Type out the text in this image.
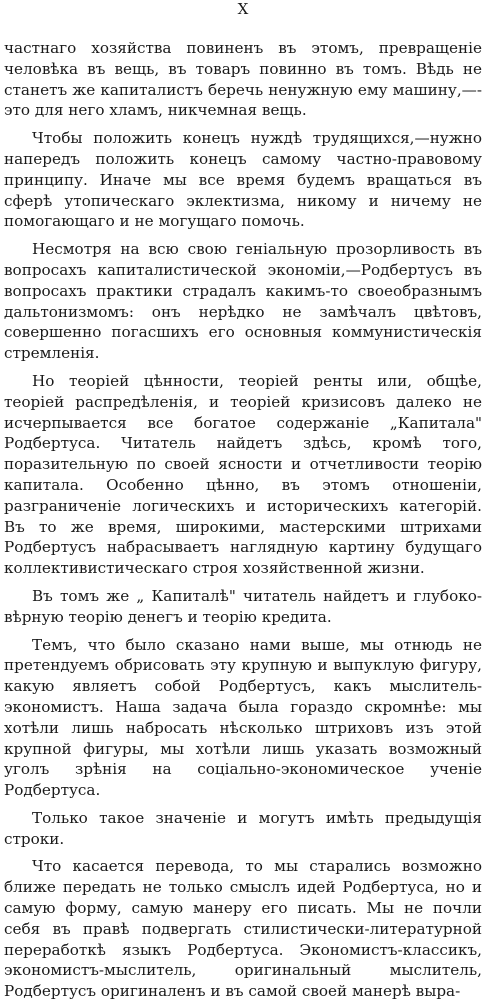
X

частнаго хозяйства повиненъ въ этомъ, превращеніе человѣка въ вещь, въ товаръ повинно въ томъ. Вѣдь не станетъ же капиталистъ беречь ненужную ему машину,—-это для него хламъ, никчемная вещь.

Чтобы положить конецъ нуждѣ трудящихся,—нужно напередъ положить конецъ самому частно-правовому принципу. Иначе мы все время будемъ вращаться въ сферѣ утопическаго эклектизма, никому и ничему не помогающаго и не могущаго помочь.

Несмотря на всю свою геніальную прозорливость въ вопросахъ капиталистической экономіи,—Родбертусъ въ вопросахъ практики страдалъ какимъ-то своеобразнымъ дальтонизмомъ: онъ нерѣдко не замѣчалъ цвѣтовъ, совершенно погасшихъ его основныя коммунистическія стремленія.

Но теоріей цѣнности, теоріей ренты или, общѣе, теоріей распредѣленія, и теоріей кризисовъ далеко не исчерпывается все богатое содержаніе „Капитала" Родбертуса. Читатель найдетъ здѣсь, кромѣ того, поразительную по своей ясности и отчетливости теорію капитала. Особенно цѣнно, въ этомъ отношеніи, разграниченіе логическихъ и историческихъ категорій. Въ то же время, широкими, мастерскими штрихами Родбертусъ набрасываетъ наглядную картину будущаго коллективистическаго строя хозяйственной жизни.

Въ томъ же „ Капиталѣ" читатель найдетъ и глубоко-вѣрную теорію денегъ и теорію кредита.

Темъ, что было сказано нами выше, мы отнюдь не претендуемъ обрисовать эту крупную и выпуклую фигуру, какую являетъ собой Родбертусъ, какъ мыслитель-экономистъ. Наша задача была гораздо скромнѣе: мы хотѣли лишь набросать нѣсколько штриховъ изъ этой крупной фигуры, мы хотѣли лишь указать возможный уголъ зрѣнія на соціально-экономическое ученіе Родбертуса.

Только такое значеніе и могутъ имѣть предыдущія строки.

Что касается перевода, то мы старались возможно ближе передать не только смыслъ идей Родбертуса, но и самую форму, самую манеру его писать. Мы не почли себя въ правѣ подвергать стилистически-литературной переработкѣ языкъ Родбертуса. Экономистъ-классикъ, экономистъ-мыслитель, оригинальный мыслитель, Родбертусъ оригиналенъ и въ самой своей манерѣ выра-
